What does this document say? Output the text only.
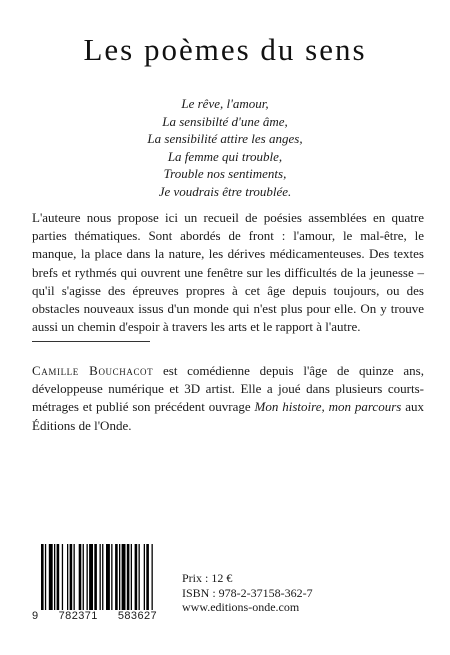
Les poèmes du sens
Le rêve, l'amour,
La sensibilté d'une âme,
La sensibilité attire les anges,
La femme qui trouble,
Trouble nos sentiments,
Je voudrais être troublée.

L'auteure nous propose ici un recueil de poésies assemblées en quatre parties thématiques. Sont abordés de front : l'amour, le mal-être, le manque, la place dans la nature, les dérives médicamenteuses. Des textes brefs et rythmés qui ouvrent une fenêtre sur les difficultés de la jeunesse – qu'il s'agisse des épreuves propres à cet âge depuis toujours, ou des obstacles nouveaux issus d'un monde qui n'est plus pour elle. On y trouve aussi un chemin d'espoir à travers les arts et le rapport à l'autre.

Camille Bouchacot est comédienne depuis l'âge de quinze ans, développeuse numérique et 3D artist. Elle a joué dans plusieurs courts-métrages et publié son précédent ouvrage Mon histoire, mon parcours aux Éditions de l'Onde.

9 782371 583627
Prix : 12 €
ISBN : 978-2-37158-362-7
www.editions-onde.com
